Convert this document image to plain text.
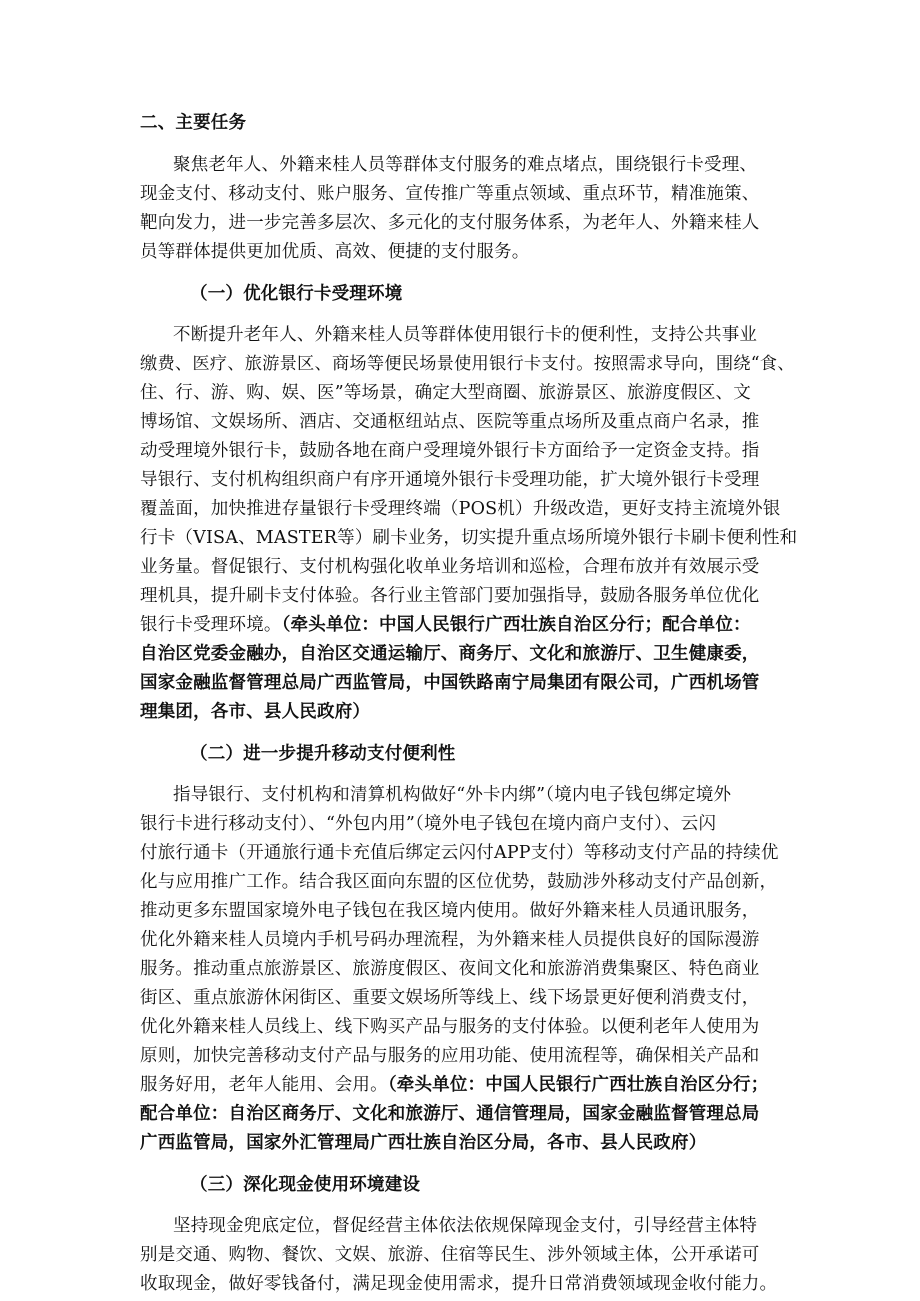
二、主要任务
聚焦老年人、外籍来桂人员等群体支付服务的难点堵点，围绕银行卡受理、
现金支付、移动支付、账户服务、宣传推广等重点领域、重点环节，精准施策、
靶向发力，进一步完善多层次、多元化的支付服务体系，为老年人、外籍来桂人
员等群体提供更加优质、高效、便捷的支付服务。
（一）优化银行卡受理环境
不断提升老年人、外籍来桂人员等群体使用银行卡的便利性，支持公共事业
缴费、医疗、旅游景区、商场等便民场景使用银行卡支付。按照需求导向，围绕“食、
住、行、游、购、娱、医”等场景，确定大型商圈、旅游景区、旅游度假区、文
博场馆、文娱场所、酒店、交通枢纽站点、医院等重点场所及重点商户名录，推
动受理境外银行卡，鼓励各地在商户受理境外银行卡方面给予一定资金支持。指
导银行、支付机构组织商户有序开通境外银行卡受理功能，扩大境外银行卡受理
覆盖面，加快推进存量银行卡受理终端（POS机）升级改造，更好支持主流境外银
行卡（VISA、MASTER等）刷卡业务，切实提升重点场所境外银行卡刷卡便利性和
业务量。督促银行、支付机构强化收单业务培训和巡检，合理布放并有效展示受
理机具，提升刷卡支付体验。各行业主管部门要加强指导，鼓励各服务单位优化
银行卡受理环境。（牵头单位：中国人民银行广西壮族自治区分行；配合单位：
自治区党委金融办，自治区交通运输厅、商务厅、文化和旅游厅、卫生健康委，
国家金融监督管理总局广西监管局，中国铁路南宁局集团有限公司，广西机场管
理集团，各市、县人民政府）
（二）进一步提升移动支付便利性
指导银行、支付机构和清算机构做好“外卡内绑”（境内电子钱包绑定境外
银行卡进行移动支付）、“外包内用”（境外电子钱包在境内商户支付）、云闪
付旅行通卡（开通旅行通卡充值后绑定云闪付APP支付）等移动支付产品的持续优
化与应用推广工作。结合我区面向东盟的区位优势，鼓励涉外移动支付产品创新，
推动更多东盟国家境外电子钱包在我区境内使用。做好外籍来桂人员通讯服务，
优化外籍来桂人员境内手机号码办理流程，为外籍来桂人员提供良好的国际漫游
服务。推动重点旅游景区、旅游度假区、夜间文化和旅游消费集聚区、特色商业
街区、重点旅游休闲街区、重要文娱场所等线上、线下场景更好便利消费支付，
优化外籍来桂人员线上、线下购买产品与服务的支付体验。以便利老年人使用为
原则，加快完善移动支付产品与服务的应用功能、使用流程等，确保相关产品和
服务好用，老年人能用、会用。（牵头单位：中国人民银行广西壮族自治区分行；
配合单位：自治区商务厅、文化和旅游厅、通信管理局，国家金融监督管理总局
广西监管局，国家外汇管理局广西壮族自治区分局，各市、县人民政府）
（三）深化现金使用环境建设
坚持现金兜底定位，督促经营主体依法依规保障现金支付，引导经营主体特
别是交通、购物、餐饮、文娱、旅游、住宿等民生、涉外领域主体，公开承诺可
收取现金，做好零钱备付，满足现金使用需求，提升日常消费领域现金收付能力。
